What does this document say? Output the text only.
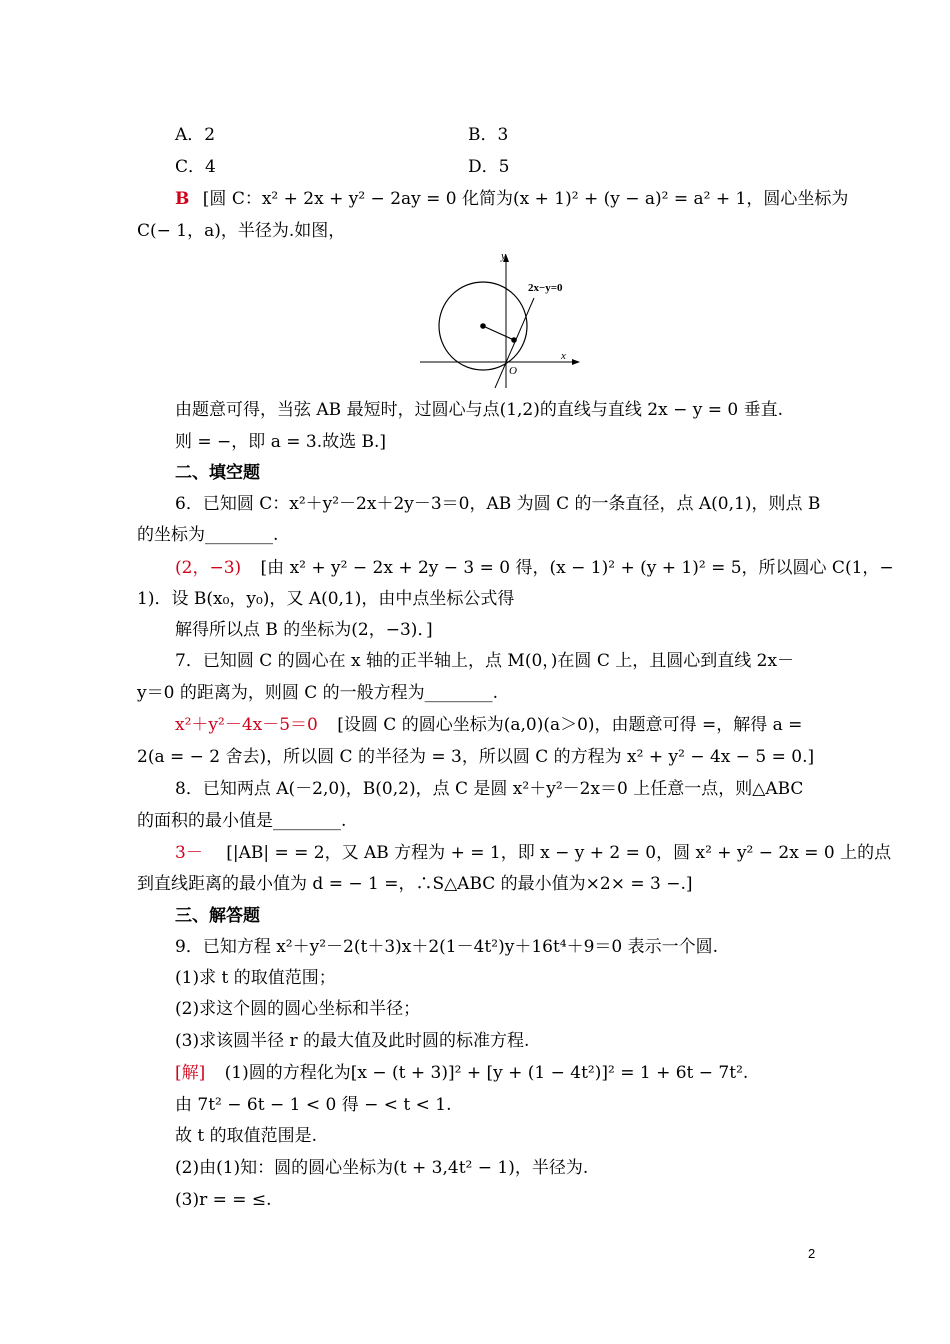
A．2	B．3
C．4	D．5
B [圆 C：x² + 2x + y² − 2ay = 0 化简为(x + 1)² + (y − a)² = a² + 1，圆心坐标为
C(− 1，a)，半径为.如图，
2x−y=0
y
x
O
由题意可得，当弦 AB 最短时，过圆心与点(1,2)的直线与直线 2x − y = 0 垂直.
则 = −，即 a = 3.故选 B.]
二、填空题
6．已知圆 C：x²＋y²－2x＋2y－3＝0，AB 为圆 C 的一条直径，点 A(0,1)，则点 B
的坐标为________.
(2，−3) [由 x² + y² − 2x + 2y − 3 = 0 得，(x − 1)² + (y + 1)² = 5，所以圆心 C(1，−
1)．设 B(x₀，y₀)，又 A(0,1)，由中点坐标公式得
解得所以点 B 的坐标为(2，−3)．]
7．已知圆 C 的圆心在 x 轴的正半轴上，点 M(0，)在圆 C 上，且圆心到直线 2x－
y＝0 的距离为，则圆 C 的一般方程为________.
x²＋y²－4x－5＝0 [设圆 C 的圆心坐标为(a,0)(a＞0)，由题意可得 =，解得 a =
2(a = − 2 舍去)，所以圆 C 的半径为 = 3，所以圆 C 的方程为 x² + y² − 4x − 5 = 0.]
8．已知两点 A(－2,0)，B(0,2)，点 C 是圆 x²＋y²－2x＝0 上任意一点，则△ABC
的面积的最小值是________.
3－ [|AB| = = 2，又 AB 方程为 + = 1，即 x − y + 2 = 0，圆 x² + y² − 2x = 0 上的点
到直线距离的最小值为 d = − 1 =，∴S△ABC 的最小值为×2× = 3 −.]
三、解答题
9．已知方程 x²＋y²－2(t＋3)x＋2(1－4t²)y＋16t⁴＋9＝0 表示一个圆.
(1)求 t 的取值范围；
(2)求这个圆的圆心坐标和半径；
(3)求该圆半径 r 的最大值及此时圆的标准方程.
[解] (1)圆的方程化为[x − (t + 3)]² + [y + (1 − 4t²)]² = 1 + 6t − 7t².
由 7t² − 6t − 1 < 0 得 − < t < 1.
故 t 的取值范围是.
(2)由(1)知：圆的圆心坐标为(t + 3,4t² − 1)，半径为.
(3)r = = ≤.
2
